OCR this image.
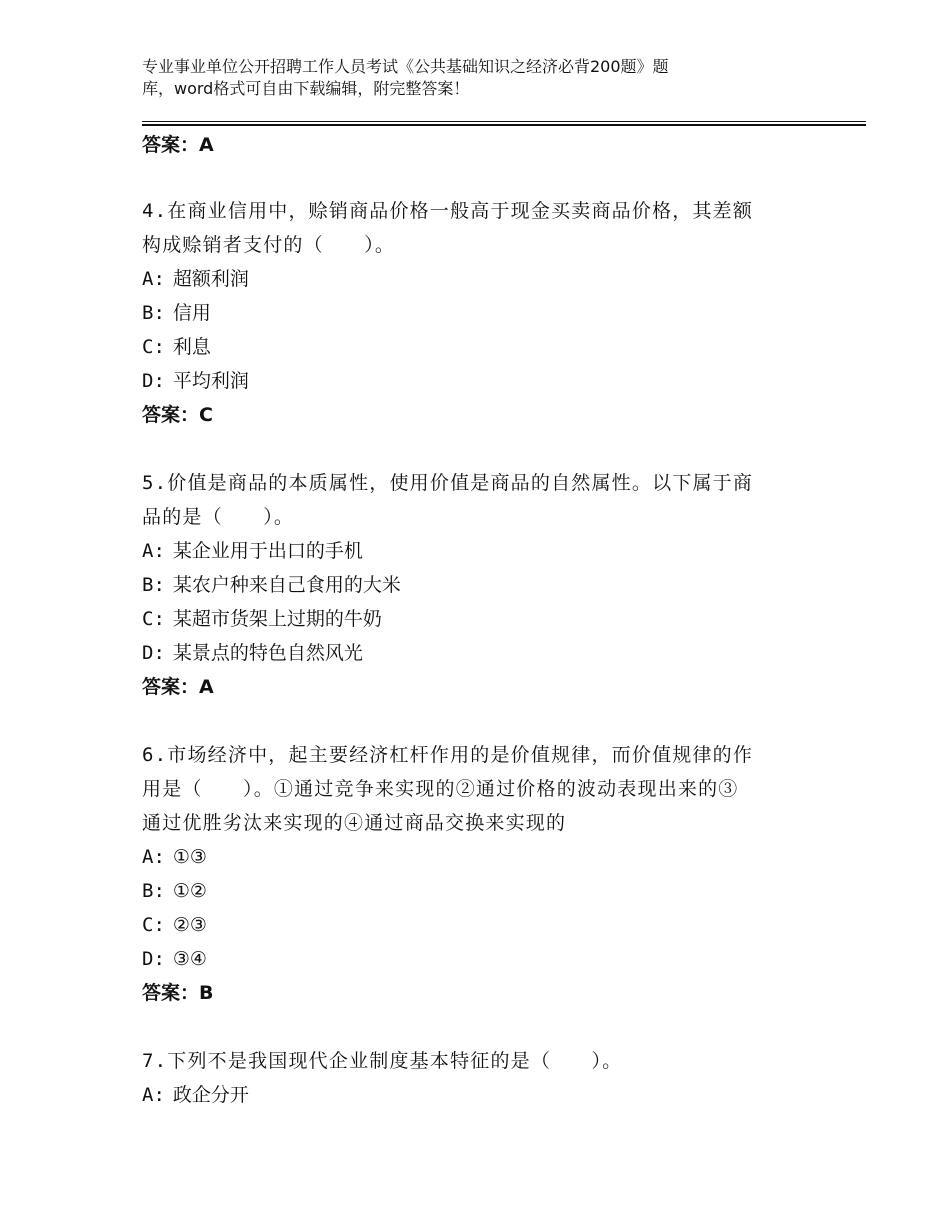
专业事业单位公开招聘工作人员考试《公共基础知识之经济必背200题》题
库，word格式可自由下载编辑，附完整答案！

答案：A

4.在商业信用中，赊销商品价格一般高于现金买卖商品价格，其差额
构成赊销者支付的（　　）。

A: 超额利润

B: 信用

C: 利息

D: 平均利润

答案：C

5.价值是商品的本质属性，使用价值是商品的自然属性。以下属于商
品的是（　　）。

A: 某企业用于出口的手机

B: 某农户种来自己食用的大米

C: 某超市货架上过期的牛奶

D: 某景点的特色自然风光

答案：A

6.市场经济中，起主要经济杠杆作用的是价值规律，而价值规律的作
用是（　　）。①通过竞争来实现的②通过价格的波动表现出来的③
通过优胜劣汰来实现的④通过商品交换来实现的

A: ①③

B: ①②

C: ②③

D: ③④

答案：B

7.下列不是我国现代企业制度基本特征的是（　　）。

A: 政企分开
